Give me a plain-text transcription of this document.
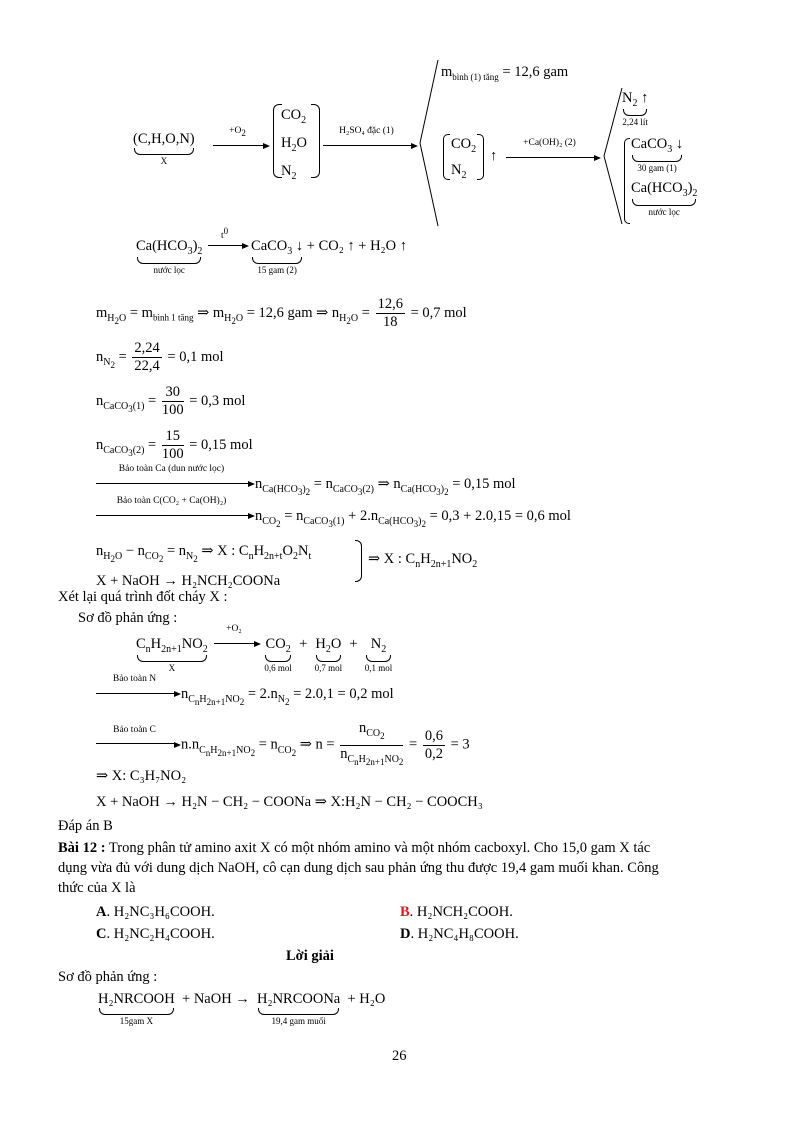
(C,H,O,N)
X
$+O_2$
$CO_2$
$H_2O$
$N_2$
H₂SO₄ đặc (1)
$m_{bình (1) tăng} = 12,6$ gam
$CO_2$
$N_2$
↑
+Ca(OH)₂ (2)
$N_2$ ↑
2,24 lít
CaCO$_3$ ↓
30 gam (1)
$Ca(HCO_3)_2$
nước lọc
$Ca(HCO_3)_2$
nước lọc

$t^0$
CaCO$_3$ ↓
15 gam (2)
+ CO₂ ↑ + H₂O ↑
$m_{H_2O} = m_{bình 1 tăng}$ ⇒ $m_{H_2O} = 12,6$ gam ⇒ $n_{H_2O} = \frac{12,6}{18} = 0,7$ mol
$n_{N_2} = \frac{2,24}{22,4} = 0,1$ mol
$n_{CaCO_3(1)} = \frac{30}{100} = 0,3$ mol
$n_{CaCO_3(2)} = \frac{15}{100} = 0,15$ mol
Bảo toàn Ca (dun nước lọc)
$n_{Ca(HCO_3)_2} = n_{CaCO_3(2)}$ ⇒ $n_{Ca(HCO_3)_2} = 0,15$ mol
Bảo toàn C(CO₂ + Ca(OH)₂)
$n_{CO_2} = n_{CaCO_3(1)} + 2.n_{Ca(HCO_3)_2} = 0,3 + 2.0,15 = 0,6$ mol
$n_{H_2O} - n_{CO_2} = n_{N_2}$ ⇒ X : $C_nH_{2n+t}O_2N_t$
X + NaOH → H₂NCH₂COONa
⇒ X : $C_nH_{2n+1}NO_2$
Xét lại quá trình đốt cháy X :
Sơ đồ phản ứng :
$C_nH_{2n+1}NO_2$
X

+O₂
$CO_2$
0,6 mol
+ $H_2O$
0,7 mol
+ $N_2$
0,1 mol
Bảo toàn N
$n_{C_nH_{2n+1}NO_2} = 2.n_{N_2} = 2.0,1 = 0,2$ mol
Bảo toàn C
$n.n_{C_nH_{2n+1}NO_2} = n_{CO_2}$ ⇒ $n = \frac{n_{CO_2}}{n_{C_nH_{2n+1}NO_2}} = \frac{0,6}{0,2} = 3$
⇒ X: C₃H₇NO₂
X + NaOH → H₂N − CH₂ − COONa ⇒ X:H₂N − CH₂ − COOCH₃
Đáp án B
Bài 12 : Trong phân tử amino axit X có một nhóm amino và một nhóm cacboxyl. Cho 15,0 gam X tác
dụng vừa đủ với dung dịch NaOH, cô cạn dung dịch sau phản ứng thu được 19,4 gam muối khan. Công
thức của X là
A. H₂NC₃H₆COOH.	B. H₂NCH₂COOH.
C. H₂NC₂H₄COOH.	D. H₂NC₄H₈COOH.
Lời giải
Sơ đồ phản ứng :
H₂NRCOOH
15gam X
+ NaOH → H₂NRCOONa
19,4 gam muối
+ H₂O
26
